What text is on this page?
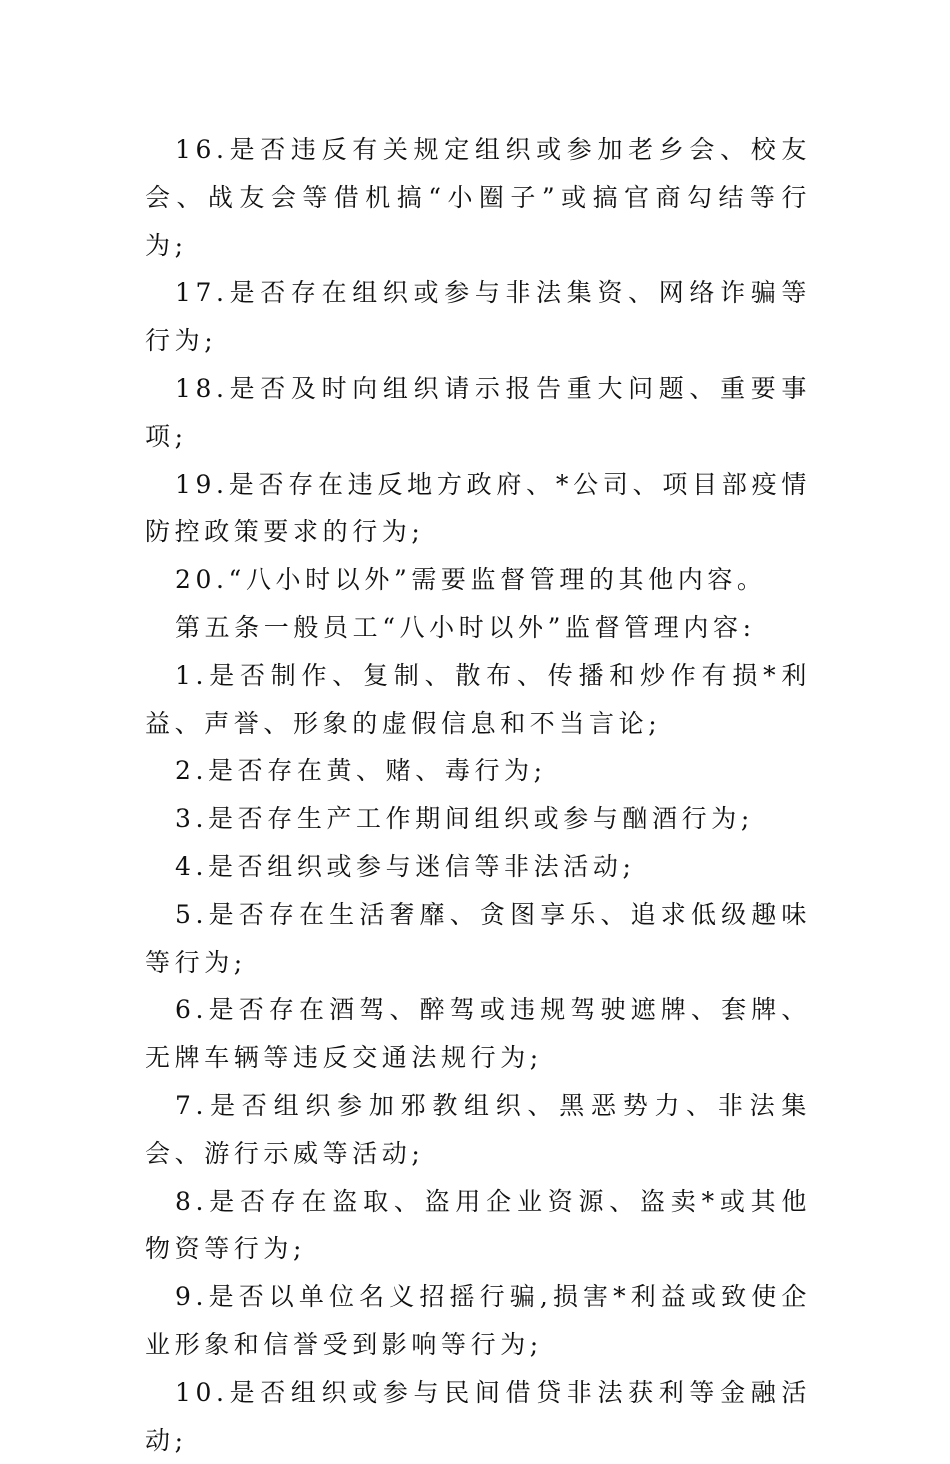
16.是否违反有关规定组织或参加老乡会、校友会、战友会等借机搞“小圈子”或搞官商勾结等行为;

17.是否存在组织或参与非法集资、网络诈骗等行为;

18.是否及时向组织请示报告重大问题、重要事项;

19.是否存在违反地方政府、*公司、项目部疫情防控政策要求的行为;

20.“八小时以外”需要监督管理的其他内容。

第五条一般员工“八小时以外”监督管理内容:

1.是否制作、复制、散布、传播和炒作有损*利益、声誉、形象的虚假信息和不当言论;

2.是否存在黄、赌、毒行为;

3.是否存生产工作期间组织或参与酗酒行为;

4.是否组织或参与迷信等非法活动;

5.是否存在生活奢靡、贪图享乐、追求低级趣味等行为;

6.是否存在酒驾、醉驾或违规驾驶遮牌、套牌、无牌车辆等违反交通法规行为;

7.是否组织参加邪教组织、黑恶势力、非法集会、游行示威等活动;

8.是否存在盗取、盗用企业资源、盗卖*或其他物资等行为;

9.是否以单位名义招摇行骗,损害*利益或致使企业形象和信誉受到影响等行为;

10.是否组织或参与民间借贷非法获利等金融活动;
